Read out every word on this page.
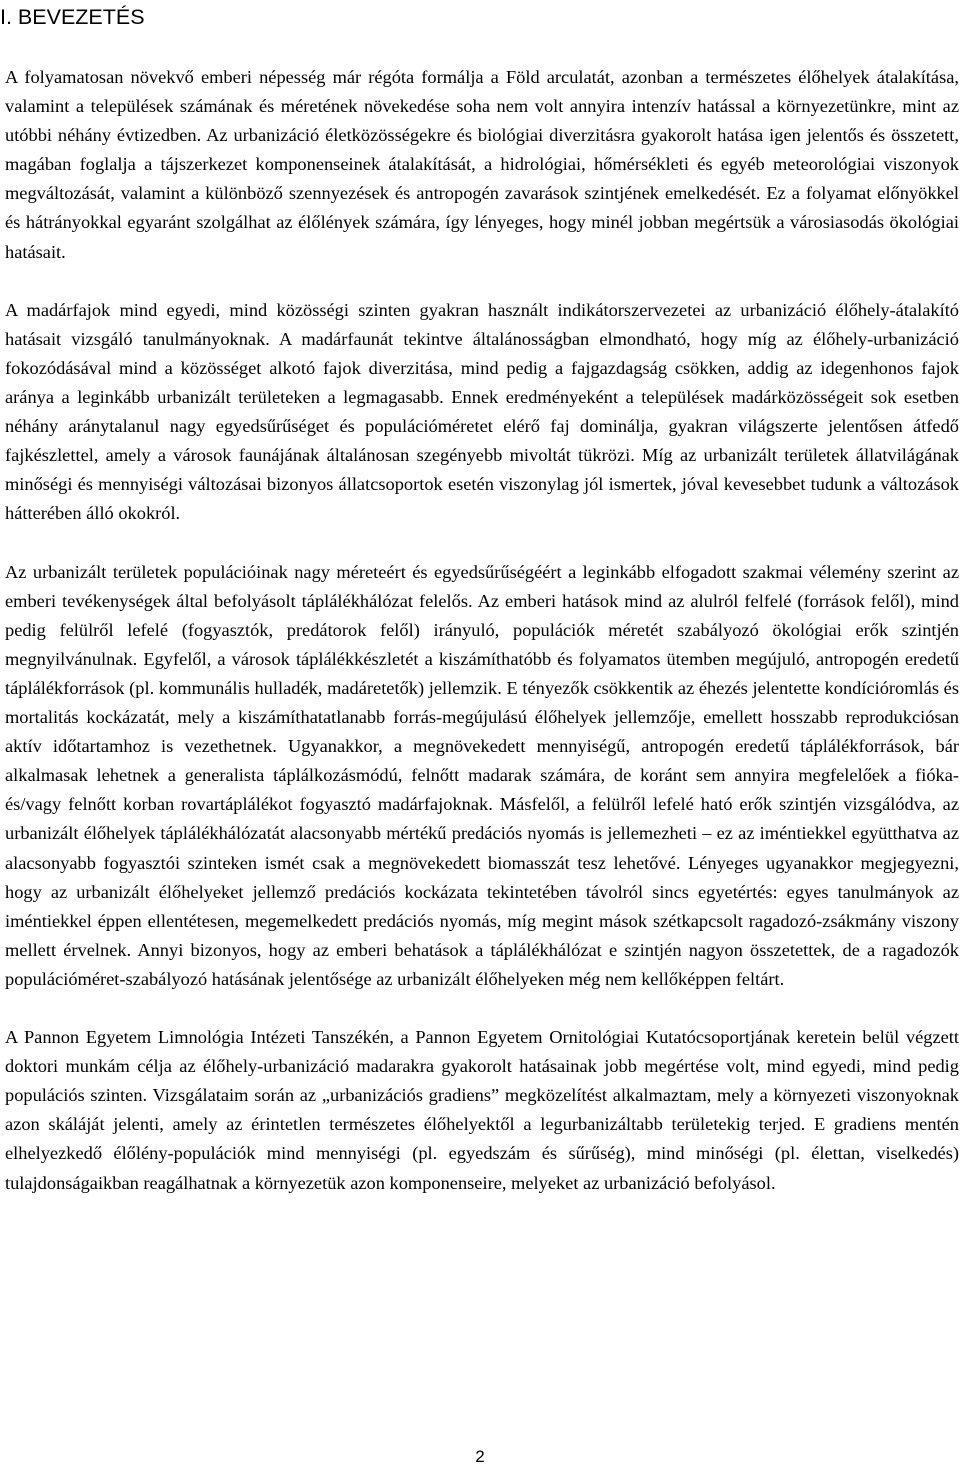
I. BEVEZETÉS

A folyamatosan növekvő emberi népesség már régóta formálja a Föld arculatát, azonban a természetes élőhelyek átalakítása, valamint a települések számának és méretének növekedése soha nem volt annyira intenzív hatással a környezetünkre, mint az utóbbi néhány évtizedben. Az urbanizáció életközösségekre és biológiai diverzitásra gyakorolt hatása igen jelentős és összetett, magában foglalja a tájszerkezet komponenseinek átalakítását, a hidrológiai, hőmérsékleti és egyéb meteorológiai viszonyok megváltozását, valamint a különböző szennyezések és antropogén zavarások szintjének emelkedését. Ez a folyamat előnyökkel és hátrányokkal egyaránt szolgálhat az élőlények számára, így lényeges, hogy minél jobban megértsük a városiasodás ökológiai hatásait.

A madárfajok mind egyedi, mind közösségi szinten gyakran használt indikátorszervezetei az urbanizáció élőhely-átalakító hatásait vizsgáló tanulmányoknak. A madárfaunát tekintve általánosságban elmondható, hogy míg az élőhely-urbanizáció fokozódásával mind a közösséget alkotó fajok diverzitása, mind pedig a fajgazdagság csökken, addig az idegenhonos fajok aránya a leginkább urbanizált területeken a legmagasabb. Ennek eredményeként a települések madárközösségeit sok esetben néhány aránytalanul nagy egyedsűrűséget és populációméretet elérő faj dominálja, gyakran világszerte jelentősen átfedő fajkészlettel, amely a városok faunájának általánosan szegényebb mivoltát tükrözi. Míg az urbanizált területek állatvilágának minőségi és mennyiségi változásai bizonyos állatcsoportok esetén viszonylag jól ismertek, jóval kevesebbet tudunk a változások hátterében álló okokról.

Az urbanizált területek populációinak nagy méreteért és egyedsűrűségéért a leginkább elfogadott szakmai vélemény szerint az emberi tevékenységek által befolyásolt táplálékhálózat felelős. Az emberi hatások mind az alulról felfelé (források felől), mind pedig felülről lefelé (fogyasztók, predátorok felől) irányuló, populációk méretét szabályozó ökológiai erők szintjén megnyilvánulnak. Egyfelől, a városok táplálékkészletét a kiszámíthatóbb és folyamatos ütemben megújuló, antropogén eredetű táplálékforrások (pl. kommunális hulladék, madáretetők) jellemzik. E tényezők csökkentik az éhezés jelentette kondícióromlás és mortalitás kockázatát, mely a kiszámíthatatlanabb forrás-megújulású élőhelyek jellemzője, emellett hosszabb reprodukciósan aktív időtartamhoz is vezethetnek. Ugyanakkor, a megnövekedett mennyiségű, antropogén eredetű táplálékforrások, bár alkalmasak lehetnek a generalista táplálkozásmódú, felnőtt madarak számára, de koránt sem annyira megfelelőek a fióka- és/vagy felnőtt korban rovartáplálékot fogyasztó madárfajoknak. Másfelől, a felülről lefelé ható erők szintjén vizsgálódva, az urbanizált élőhelyek táplálékhálózatát alacsonyabb mértékű predációs nyomás is jellemezheti – ez az iméntiekkel együtthatva az alacsonyabb fogyasztói szinteken ismét csak a megnövekedett biomasszát tesz lehetővé. Lényeges ugyanakkor megjegyezni, hogy az urbanizált élőhelyeket jellemző predációs kockázata tekintetében távolról sincs egyetértés: egyes tanulmányok az iméntiekkel éppen ellentétesen, megemelkedett predációs nyomás, míg megint mások szétkapcsolt ragadozó-zsákmány viszony mellett érvelnek. Annyi bizonyos, hogy az emberi behatások a táplálékhálózat e szintjén nagyon összetettek, de a ragadozók populációméret-szabályozó hatásának jelentősége az urbanizált élőhelyeken még nem kellőképpen feltárt.

A Pannon Egyetem Limnológia Intézeti Tanszékén, a Pannon Egyetem Ornitológiai Kutatócsoportjának keretein belül végzett doktori munkám célja az élőhely-urbanizáció madarakra gyakorolt hatásainak jobb megértése volt, mind egyedi, mind pedig populációs szinten. Vizsgálataim során az „urbanizációs gradiens” megközelítést alkalmaztam, mely a környezeti viszonyoknak azon skáláját jelenti, amely az érintetlen természetes élőhelyektől a legurbanizáltabb területekig terjed. E gradiens mentén elhelyezkedő élőlény-populációk mind mennyiségi (pl. egyedszám és sűrűség), mind minőségi (pl. élettan, viselkedés) tulajdonságaikban reagálhatnak a környezetük azon komponenseire, melyeket az urbanizáció befolyásol.

2
